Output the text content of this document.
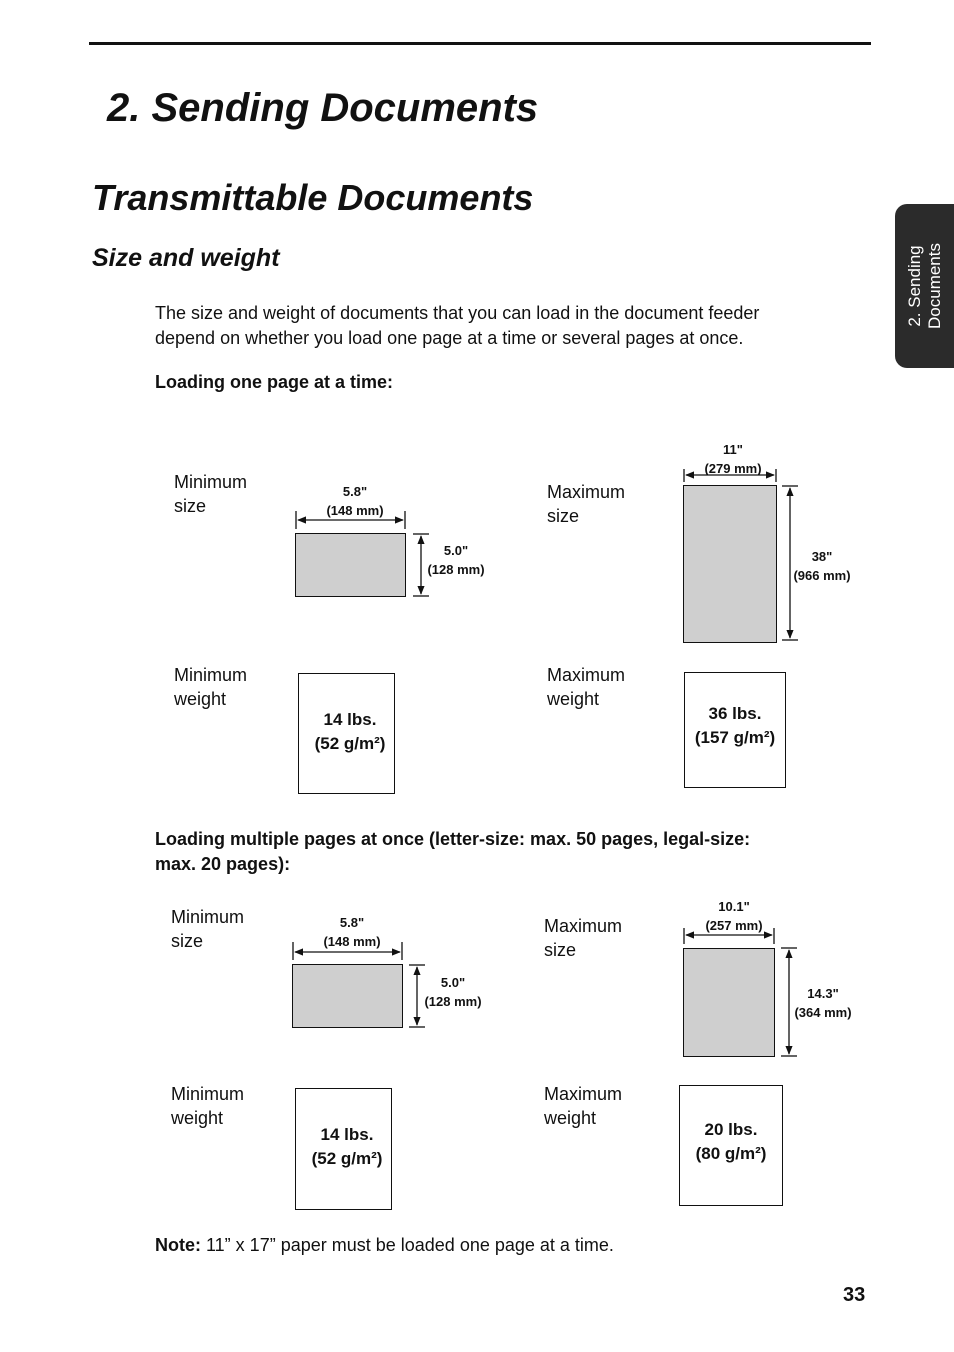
2. Sending Documents
Transmittable Documents
Size and weight	2. Sending Documents
The size and weight of documents that you can load in the document feeder
depend on whether you load one page at a time or several pages at once.
Loading one page at a time:
Minimum
size
5.8"
(148 mm)
5.0"
(128 mm)
Maximum
size
11"
(279 mm)
38"
(966 mm)
Minimum
weight
14 lbs.
(52 g/m²)
Maximum
weight
36 lbs.
(157 g/m²)
Loading multiple pages at once (letter-size: max. 50 pages, legal-size:
max. 20 pages):
Minimum
size
5.8"
(148 mm)
5.0"
(128 mm)
Maximum
size
10.1"
(257 mm)
14.3"
(364 mm)
Minimum
weight
14 lbs.
(52 g/m²)
Maximum
weight
20 lbs.
(80 g/m²)
Note: 11” x 17” paper must be loaded one page at a time.
33
